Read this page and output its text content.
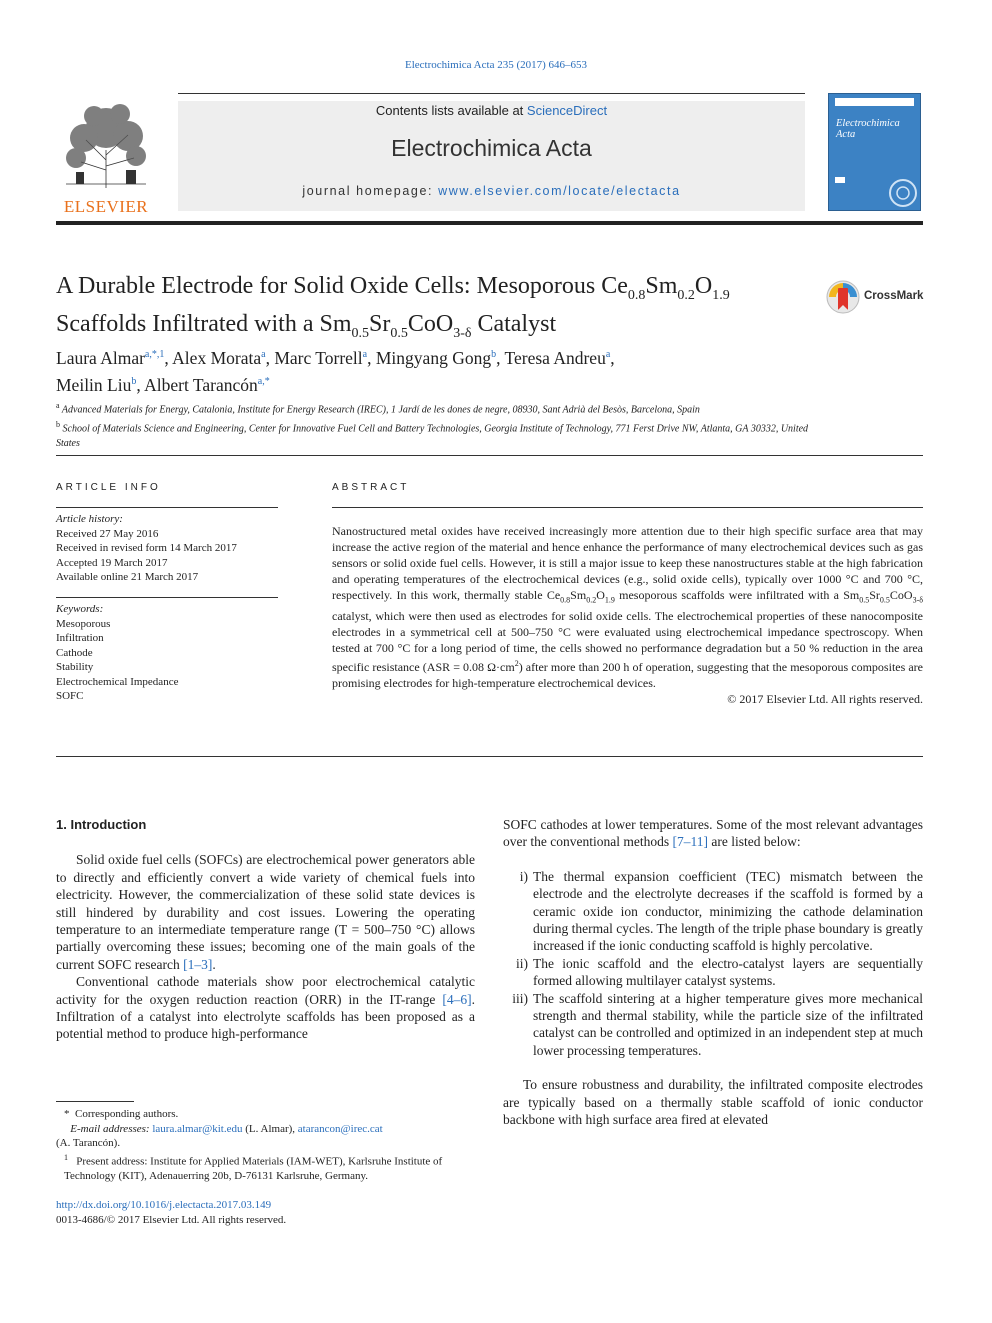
Electrochimica Acta 235 (2017) 646–653
ELSEVIER
Contents lists available at ScienceDirect
Electrochimica Acta
journal homepage: www.elsevier.com/locate/electacta
Electrochimica Acta
A Durable Electrode for Solid Oxide Cells: Mesoporous $Ce_{0.8}Sm_{0.2}O_{1.9}$
Scaffolds Infiltrated with a $Sm_{0.5}Sr_{0.5}CoO_{3-\delta}$ Catalyst
CrossMark
Laura Almar$^{a,*,1}$, Alex Morata$^a$, Marc Torrell$^a$, Mingyang Gong$^b$, Teresa Andreu$^a$,
Meilin Liu$^b$, Albert Tarancón$^{a,*}$
$^a$ Advanced Materials for Energy, Catalonia, Institute for Energy Research (IREC), 1 Jardí de les dones de negre, 08930, Sant Adrià del Besòs, Barcelona, Spain
$^b$ School of Materials Science and Engineering, Center for Innovative Fuel Cell and Battery Technologies, Georgia Institute of Technology, 771 Ferst Drive NW, Atlanta, GA 30332, United States
ARTICLE INFO
Article history:
Received 27 May 2016
Received in revised form 14 March 2017
Accepted 19 March 2017
Available online 21 March 2017
Keywords:
Mesoporous
Infiltration
Cathode
Stability
Electrochemical Impedance
SOFC
ABSTRACT

Nanostructured metal oxides have received increasingly more attention due to their high specific surface area that may increase the active region of the material and hence enhance the performance of many electrochemical devices such as gas sensors or solid oxide fuel cells. However, it is still a major issue to keep these nanostructures stable at the high fabrication and operating temperatures of the electrochemical devices (e.g., solid oxide cells), typically over 1000 °C and 700 °C, respectively. In this work, thermally stable $Ce_{0.8}Sm_{0.2}O_{1.9}$ mesoporous scaffolds were infiltrated with a $Sm_{0.5}Sr_{0.5}CoO_{3-\delta}$ catalyst, which were then used as electrodes for solid oxide cells. The electrochemical properties of these nanocomposite electrodes in a symmetrical cell at 500–750 °C were evaluated using electrochemical impedance spectroscopy. When tested at 700 °C for a long period of time, the cells showed no performance degradation but a 50 % reduction in the area specific resistance (ASR = 0.08 $\Omega\cdot cm^2$) after more than 200 h of operation, suggesting that the mesoporous composites are promising electrodes for high-temperature electrochemical devices.

© 2017 Elsevier Ltd. All rights reserved.

1. Introduction

Solid oxide fuel cells (SOFCs) are electrochemical power generators able to directly and efficiently convert a wide variety of chemical fuels into electricity. However, the commercialization of these solid state devices is still hindered by durability and cost issues. Lowering the operating temperature to an intermediate temperature range (T = 500–750 °C) allows partially overcoming these issues; becoming one of the main goals of the current SOFC research [1–3].

Conventional cathode materials show poor electrochemical catalytic activity for the oxygen reduction reaction (ORR) in the IT-range [4–6]. Infiltration of a catalyst into electrolyte scaffolds has been proposed as a potential method to produce high-performance

* Corresponding authors.
E-mail addresses: laura.almar@kit.edu (L. Almar), atarancon@irec.cat
(A. Tarancón).
$^1$ Present address: Institute for Applied Materials (IAM-WET), Karlsruhe Institute of Technology (KIT), Adenauerring 20b, D-76131 Karlsruhe, Germany.
http://dx.doi.org/10.1016/j.electacta.2017.03.149
0013-4686/© 2017 Elsevier Ltd. All rights reserved.

SOFC cathodes at lower temperatures. Some of the most relevant advantages over the conventional methods [7–11] are listed below:

i) The thermal expansion coefficient (TEC) mismatch between the electrode and the electrolyte decreases if the scaffold is formed by a ceramic oxide ion conductor, minimizing the cathode delamination during thermal cycles. The length of the triple phase boundary is greatly increased if the ionic conducting scaffold is highly percolative.
ii) The ionic scaffold and the electro-catalyst layers are sequentially formed allowing multilayer catalyst systems.
iii) The scaffold sintering at a higher temperature gives more mechanical strength and thermal stability, while the particle size of the infiltrated catalyst can be controlled and optimized in an independent step at much lower processing temperatures.

To ensure robustness and durability, the infiltrated composite electrodes are typically based on a thermally stable scaffold of ionic conductor backbone with high surface area fired at elevated
